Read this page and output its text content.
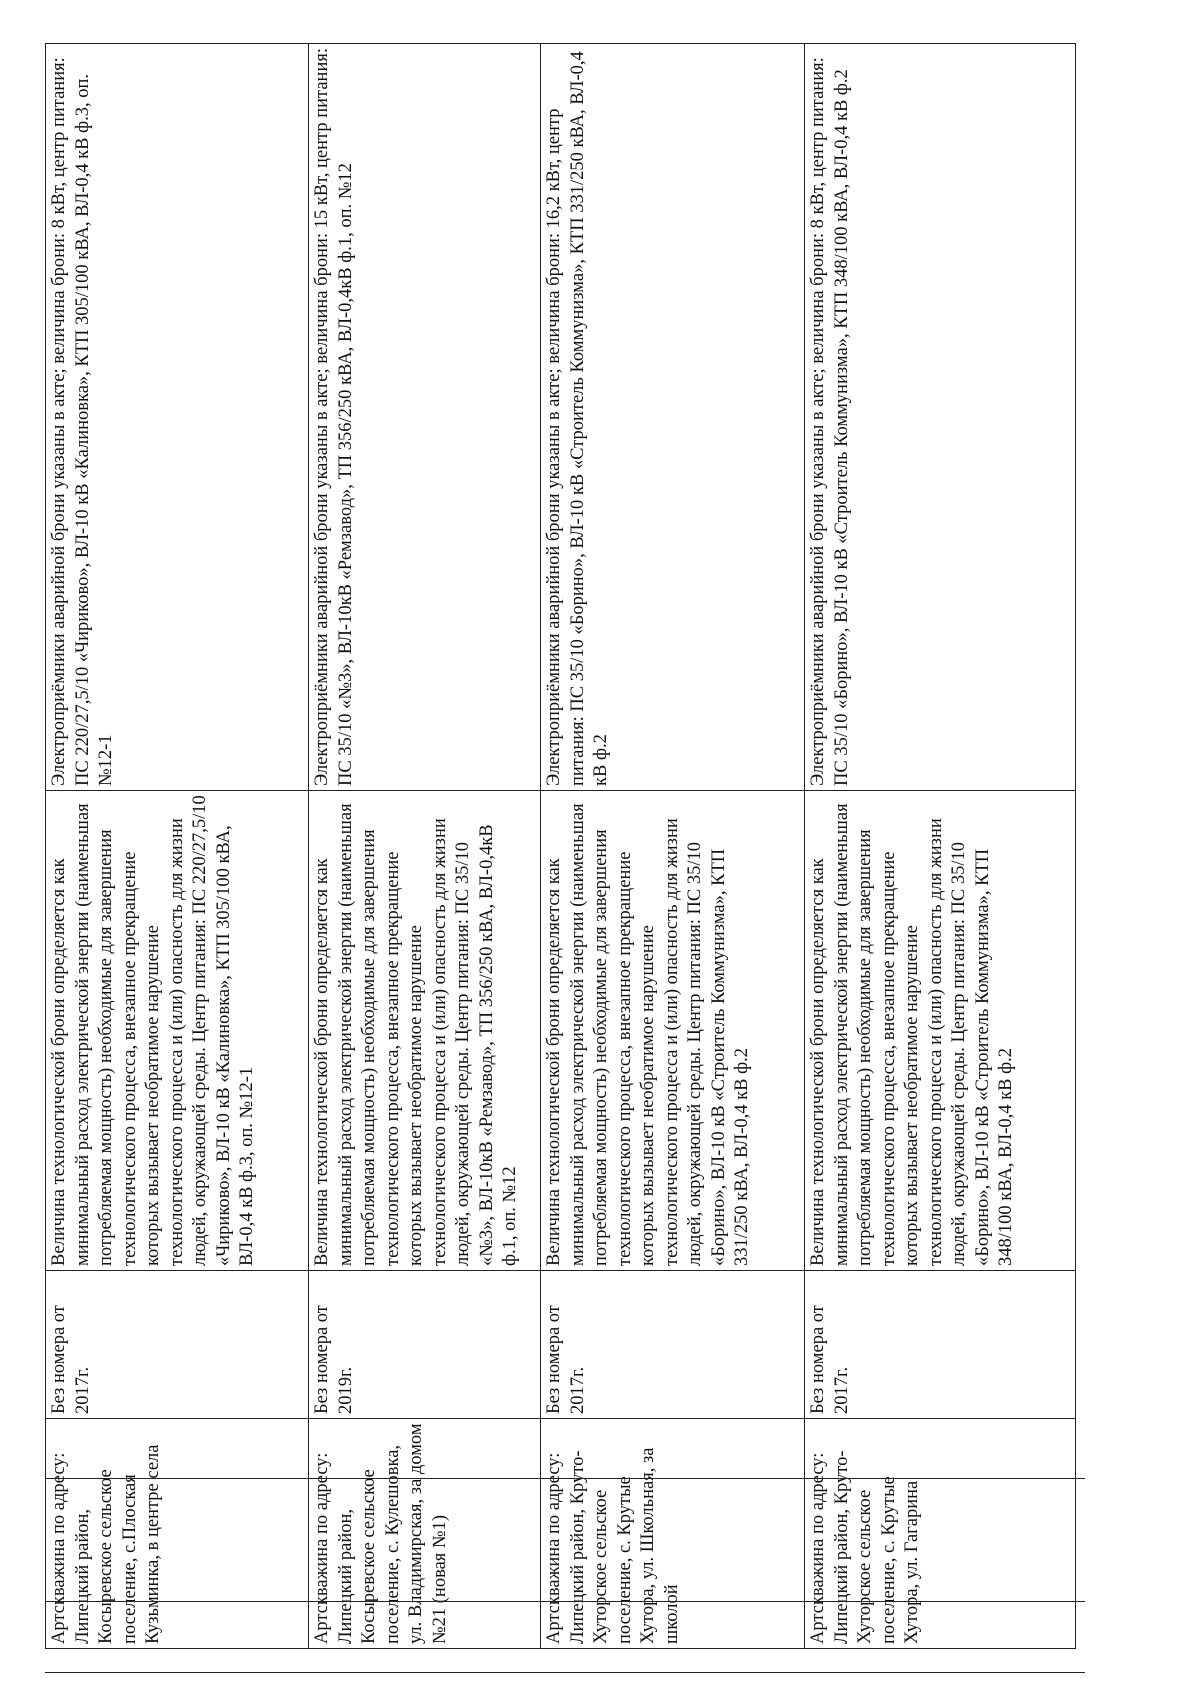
Артскважина по адресу: Липецкий район, Косыревское сельское поселение, с.Плоская Кузьминка, в центре села	Без номера от 2017г.	Величина технологической брони определяется как минимальный расход электрической энергии (наименьшая потребляемая мощность) необходимые для завершения технологического процесса, внезапное прекращение которых вызывает необратимое нарушение технологического процесса и (или) опасность для жизни людей, окружающей среды. Центр питания: ПС 220/27,5/10 «Чириково», ВЛ-10 кВ «Калиновка», КТП 305/100 кВА, ВЛ-0,4 кВ ф.3, оп. №12-1	Электроприёмники аварийной брони указаны в акте; величина брони: 8 кВт, центр питания: ПС 220/27,5/10 «Чириково», ВЛ-10 кВ «Калиновка», КТП 305/100 кВА, ВЛ-0,4 кВ ф.3, оп. №12-1
Артскважина по адресу: Липецкий район, Косыревское сельское поселение, с. Кулешовка, ул. Владимирская, за домом №21 (новая №1)	Без номера от 2019г.	Величина технологической брони определяется как минимальный расход электрической энергии (наименьшая потребляемая мощность) необходимые для завершения технологического процесса, внезапное прекращение которых вызывает необратимое нарушение технологического процесса и (или) опасность для жизни людей, окружающей среды. Центр питания: ПС 35/10 «№3», ВЛ-10кВ «Ремзавод», ТП 356/250 кВА, ВЛ-0,4кВ ф.1, оп. №12	Электроприёмники аварийной брони указаны в акте; величина брони: 15 кВт, центр питания: ПС 35/10 «№3», ВЛ-10кВ «Ремзавод», ТП 356/250 кВА, ВЛ-0,4кВ ф.1, оп. №12
Артскважина по адресу: Липецкий район, Круто-Хуторское сельское поселение, с. Крутые Хутора, ул. Школьная, за школой	Без номера от 2017г.	Величина технологической брони определяется как минимальный расход электрической энергии (наименьшая потребляемая мощность) необходимые для завершения технологического процесса, внезапное прекращение которых вызывает необратимое нарушение технологического процесса и (или) опасность для жизни людей, окружающей среды. Центр питания: ПС 35/10 «Борино», ВЛ-10 кВ «Строитель Коммунизма», КТП 331/250 кВА, ВЛ-0,4 кВ ф.2	Электроприёмники аварийной брони указаны в акте; величина брони: 16,2 кВт, центр питания: ПС 35/10 «Борино», ВЛ-10 кВ «Строитель Коммунизма», КТП 331/250 кВА, ВЛ-0,4 кВ ф.2
Артскважина по адресу: Липецкий район, Круто-Хуторское сельское поселение, с. Крутые Хутора, ул. Гагарина	Без номера от 2017г.	Величина технологической брони определяется как минимальный расход электрической энергии (наименьшая потребляемая мощность) необходимые для завершения технологического процесса, внезапное прекращение которых вызывает необратимое нарушение технологического процесса и (или) опасность для жизни людей, окружающей среды. Центр питания: ПС 35/10 «Борино», ВЛ-10 кВ «Строитель Коммунизма», КТП 348/100 кВА, ВЛ-0,4 кВ ф.2	Электроприёмники аварийной брони указаны в акте; величина брони: 8 кВт, центр питания: ПС 35/10 «Борино», ВЛ-10 кВ «Строитель Коммунизма», КТП 348/100 кВА, ВЛ-0,4 кВ ф.2
